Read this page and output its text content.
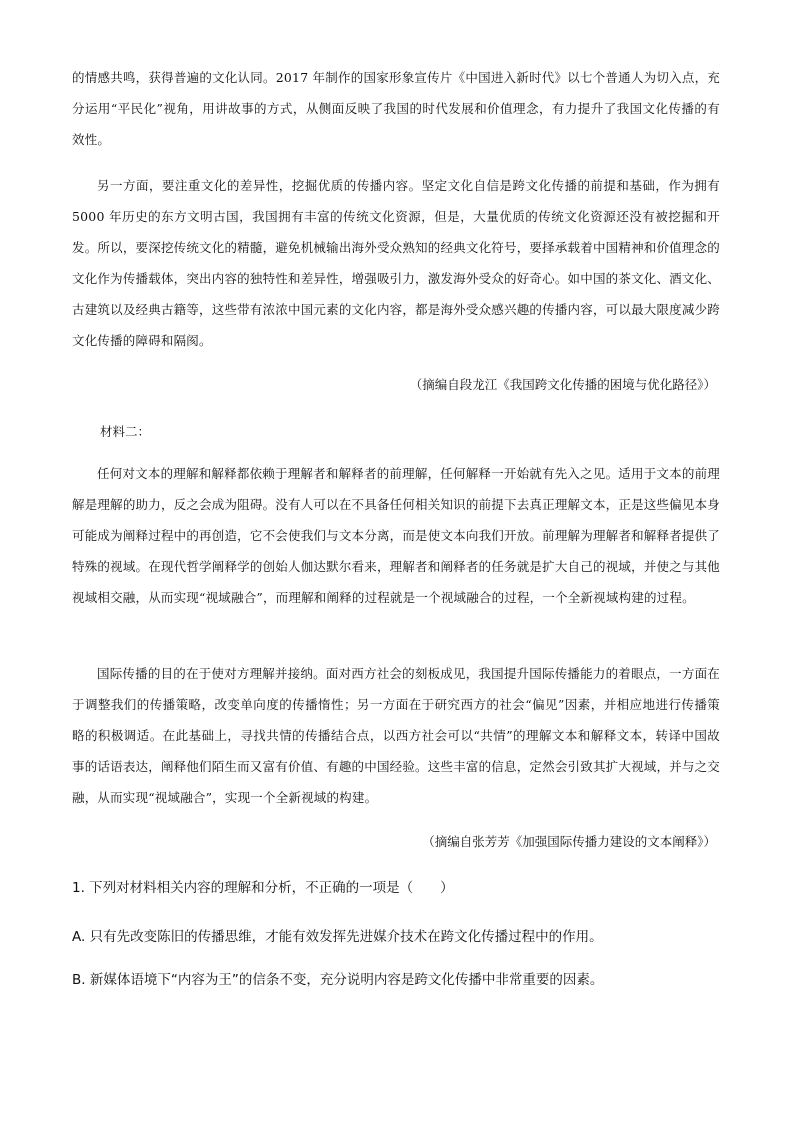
的情感共鸣，获得普遍的文化认同。2017 年制作的国家形象宣传片《中国进入新时代》以七个普通人为切入点，充分运用“平民化”视角，用讲故事的方式，从侧面反映了我国的时代发展和价值理念，有力提升了我国文化传播的有效性。

另一方面，要注重文化的差异性，挖掘优质的传播内容。坚定文化自信是跨文化传播的前提和基础，作为拥有 5000 年历史的东方文明古国，我国拥有丰富的传统文化资源，但是，大量优质的传统文化资源还没有被挖掘和开发。所以，要深挖传统文化的精髓，避免机械输出海外受众熟知的经典文化符号，要择承载着中国精神和价值理念的文化作为传播载体，突出内容的独特性和差异性，增强吸引力，激发海外受众的好奇心。如中国的茶文化、酒文化、古建筑以及经典古籍等，这些带有浓浓中国元素的文化内容，都是海外受众感兴趣的传播内容，可以最大限度减少跨文化传播的障碍和隔阂。

（摘编自段龙江《我国跨文化传播的困境与优化路径》）
材料二：

任何对文本的理解和解释都依赖于理解者和解释者的前理解，任何解释一开始就有先入之见。适用于文本的前理解是理解的助力，反之会成为阻碍。没有人可以在不具备任何相关知识的前提下去真正理解文本，正是这些偏见本身可能成为阐释过程中的再创造，它不会使我们与文本分离，而是使文本向我们开放。前理解为理解者和解释者提供了特殊的视域。在现代哲学阐释学的创始人伽达默尔看来，理解者和阐释者的任务就是扩大自己的视域，并使之与其他视域相交融，从而实现“视域融合”，而理解和阐释的过程就是一个视域融合的过程，一个全新视域构建的过程。

国际传播的目的在于使对方理解并接纳。面对西方社会的刻板成见，我国提升国际传播能力的着眼点，一方面在于调整我们的传播策略，改变单向度的传播惰性；另一方面在于研究西方的社会“偏见”因素，并相应地进行传播策略的积极调适。在此基础上，寻找共情的传播结合点，以西方社会可以“共情”的理解文本和解释文本，转译中国故事的话语表达，阐释他们陌生而又富有价值、有趣的中国经验。这些丰富的信息，定然会引致其扩大视域，并与之交融，从而实现“视域融合”，实现一个全新视域的构建。

（摘编自张芳芳《加强国际传播力建设的文本阐释》）
1. 下列对材料相关内容的理解和分析，不正确的一项是（　　）
A. 只有先改变陈旧的传播思维，才能有效发挥先进媒介技术在跨文化传播过程中的作用。
B. 新媒体语境下“内容为王”的信条不变，充分说明内容是跨文化传播中非常重要的因素。
